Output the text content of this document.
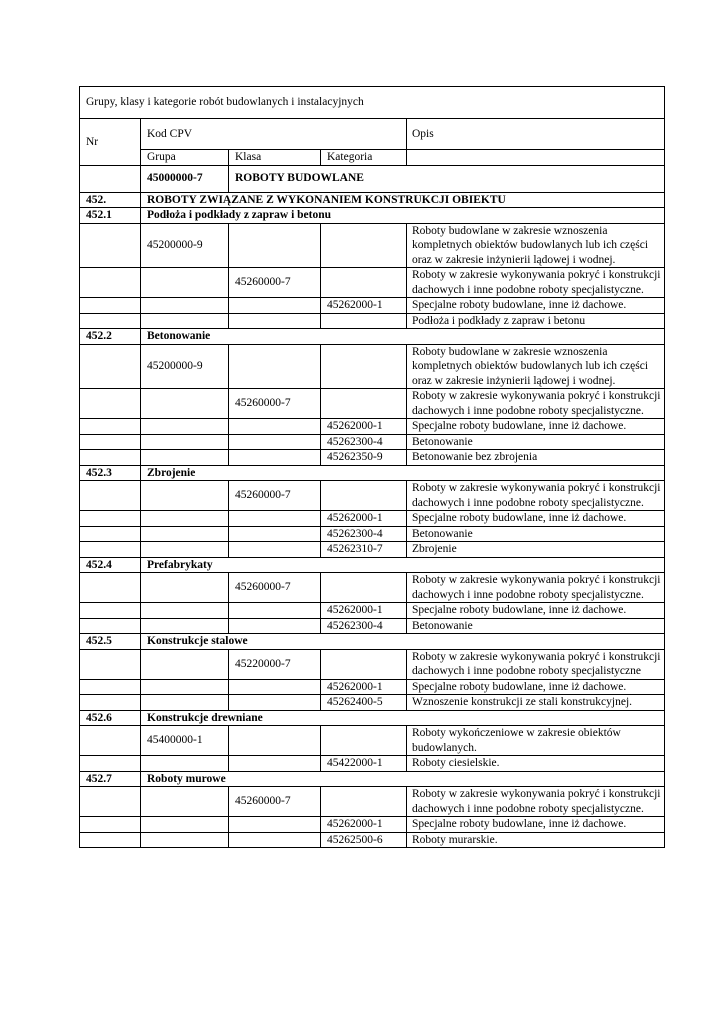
Grupy, klasy i kategorie robót budowlanych i instalacyjnych				
Nr	Kod CPV			Opis
	Grupa	Klasa	Kategoria	
	45000000-7	ROBOTY BUDOWLANE		
452.	ROBOTY ZWIĄZANE Z WYKONANIEM KONSTRUKCJI OBIEKTU			
452.1	Podłoża i podkłady z zapraw i betonu			
	45200000-9			Roboty budowlane w zakresie wznoszenia kompletnych obiektów budowlanych lub ich części oraz w zakresie inżynierii lądowej i wodnej.
		45260000-7		Roboty w zakresie wykonywania pokryć i konstrukcji dachowych i inne podobne roboty specjalistyczne.
			45262000-1	Specjalne roboty budowlane, inne iż dachowe.
				Podłoża i podkłady z zapraw i betonu
452.2	Betonowanie			
	45200000-9			Roboty budowlane w zakresie wznoszenia kompletnych obiektów budowlanych lub ich części oraz w zakresie inżynierii lądowej i wodnej.
		45260000-7		Roboty w zakresie wykonywania pokryć i konstrukcji dachowych i inne podobne roboty specjalistyczne.
			45262000-1	Specjalne roboty budowlane, inne iż dachowe.
			45262300-4	Betonowanie
			45262350-9	Betonowanie bez zbrojenia
452.3	Zbrojenie			
		45260000-7		Roboty w zakresie wykonywania pokryć i konstrukcji dachowych i inne podobne roboty specjalistyczne.
			45262000-1	Specjalne roboty budowlane, inne iż dachowe.
			45262300-4	Betonowanie
			45262310-7	Zbrojenie
452.4	Prefabrykaty			
		45260000-7		Roboty w zakresie wykonywania pokryć i konstrukcji dachowych i inne podobne roboty specjalistyczne.
			45262000-1	Specjalne roboty budowlane, inne iż dachowe.
			45262300-4	Betonowanie
452.5	Konstrukcje stalowe			
		45220000-7		Roboty w zakresie wykonywania pokryć i konstrukcji dachowych i inne podobne roboty specjalistyczne
			45262000-1	Specjalne roboty budowlane, inne iż dachowe.
			45262400-5	Wznoszenie konstrukcji ze stali konstrukcyjnej.
452.6	Konstrukcje drewniane			
	45400000-1			Roboty wykończeniowe w zakresie obiektów budowlanych.
			45422000-1	Roboty ciesielskie.
452.7	Roboty murowe			
		45260000-7		Roboty w zakresie wykonywania pokryć i konstrukcji dachowych i inne podobne roboty specjalistyczne.
			45262000-1	Specjalne roboty budowlane, inne iż dachowe.
			45262500-6	Roboty murarskie.
